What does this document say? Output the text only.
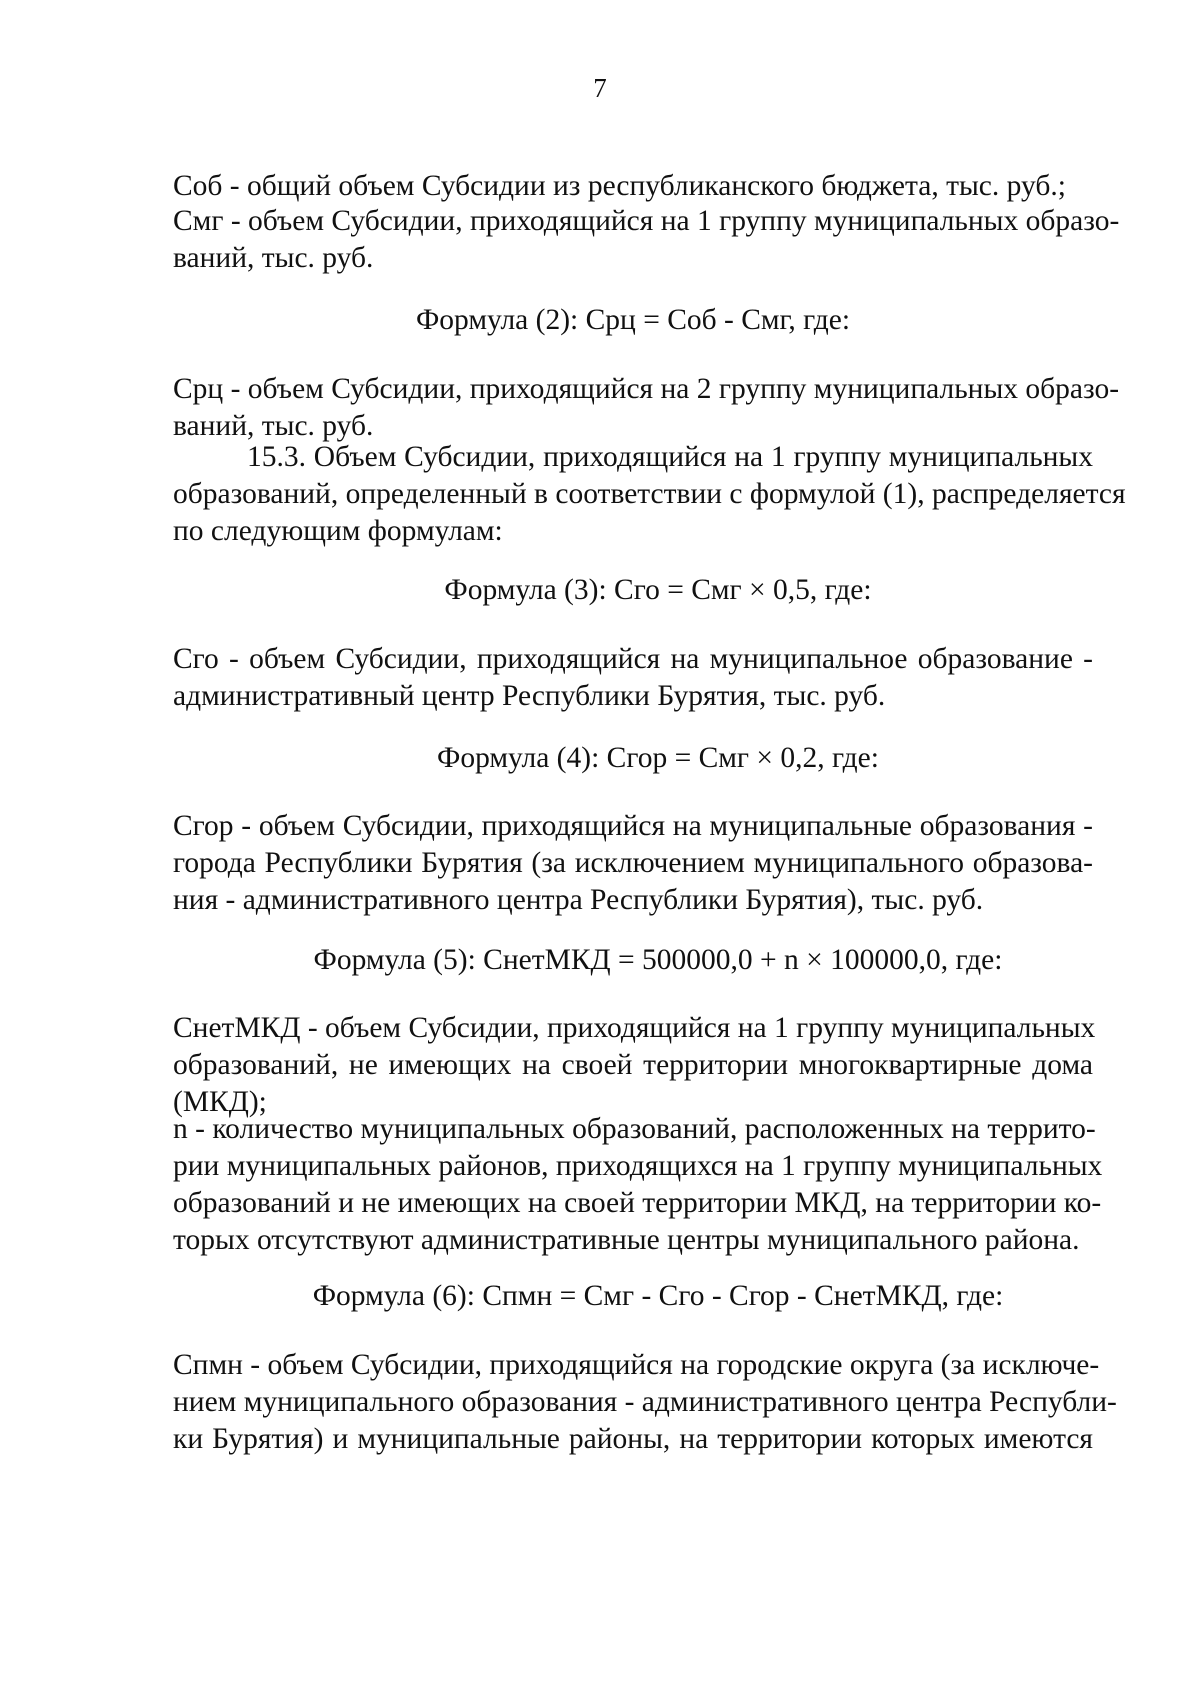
7
Соб - общий объем Субсидии из республиканского бюджета, тыс. руб.;
Смг - объем Субсидии, приходящийся на 1 группу муниципальных образо-
ваний, тыс. руб.

Формула (2): Срц = Соб - Смг, где:

Срц - объем Субсидии, приходящийся на 2 группу муниципальных образо-
ваний, тыс. руб.
15.3. Объем Субсидии, приходящийся на 1 группу муниципальных
образований, определенный в соответствии с формулой (1), распределяется
по следующим формулам:

Формула (3): Сго = Смг × 0,5, где:

Сго - объем Субсидии, приходящийся на муниципальное образование -
административный центр Республики Бурятия, тыс. руб.

Формула (4): Сгор = Смг × 0,2, где:

Сгор - объем Субсидии, приходящийся на муниципальные образования -
города Республики Бурятия (за исключением муниципального образова-
ния - административного центра Республики Бурятия), тыс. руб.

Формула (5): СнетМКД = 500000,0 + n × 100000,0, где:

СнетМКД - объем Субсидии, приходящийся на 1 группу муниципальных
образований, не имеющих на своей территории многоквартирные дома
(МКД);
n - количество муниципальных образований, расположенных на террито-
рии муниципальных районов, приходящихся на 1 группу муниципальных
образований и не имеющих на своей территории МКД, на территории ко-
торых отсутствуют административные центры муниципального района.

Формула (6): Спмн = Смг - Сго - Сгор - СнетМКД, где:

Спмн - объем Субсидии, приходящийся на городские округа (за исключе-
нием муниципального образования - административного центра Республи-
ки Бурятия) и муниципальные районы, на территории которых имеются
